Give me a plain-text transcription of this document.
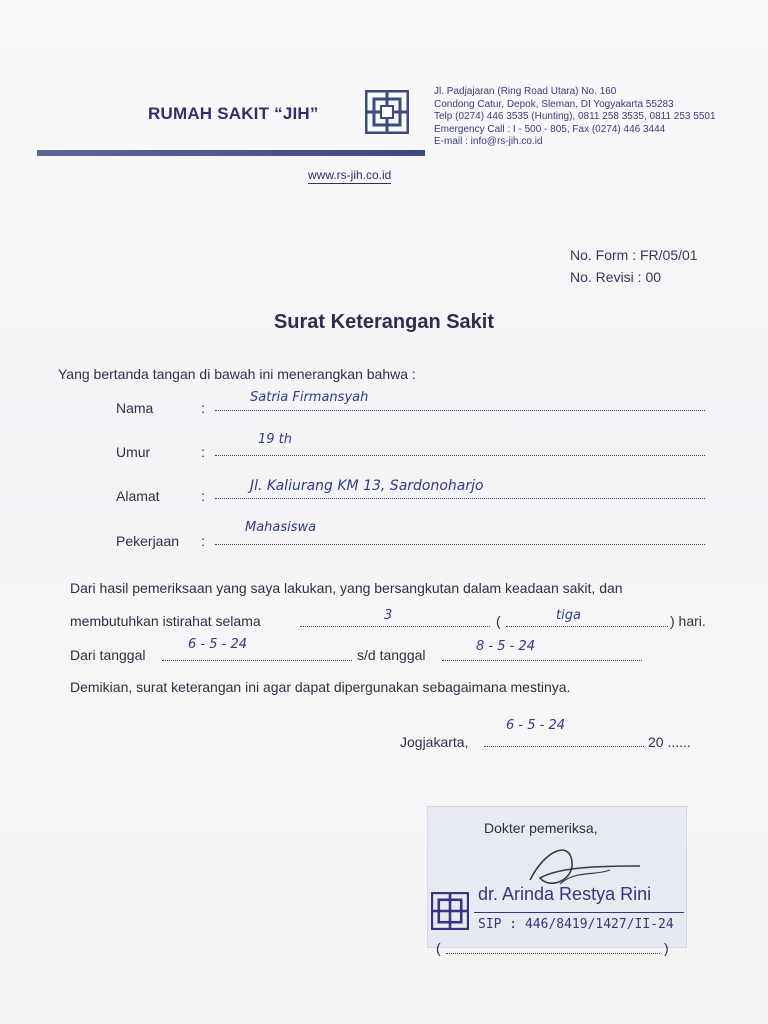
RUMAH SAKIT “JIH”
Jl. Padjajaran (Ring Road Utara) No. 160
Condong Catur, Depok, Sleman, DI Yogyakarta 55283
Telp (0274) 446 3535 (Hunting), 0811 258 3535, 0811 253 5501
Emergency Call : I - 500 - 805, Fax (0274) 446 3444
E-mail : info@rs-jih.co.id
www.rs-jih.co.id
No. Form : FR/05/01
No. Revisi : 00
Surat Keterangan Sakit
Yang bertanda tangan di bawah ini menerangkan bahwa :
Nama	:
Satria Firmansyah
Umur	:
19 th
Alamat	:
Jl. Kaliurang KM 13, Sardonoharjo
Pekerjaan :
Mahasiswa
Dari hasil pemeriksaan yang saya lakukan, yang bersangkutan dalam keadaan sakit, dan
membutuhkan istirahat selama	3	(	tiga	) hari.
Dari tanggal
6 - 5 - 24
s/d tanggal
8 - 5 - 24
Demikian, surat keterangan ini agar dapat dipergunakan sebagaimana mestinya.
Jogjakarta,
6 - 5 - 24
20 ......
Dokter pemeriksa,
dr. Arinda Restya Rini
SIP : 446/8419/1427/II-24
(	)
